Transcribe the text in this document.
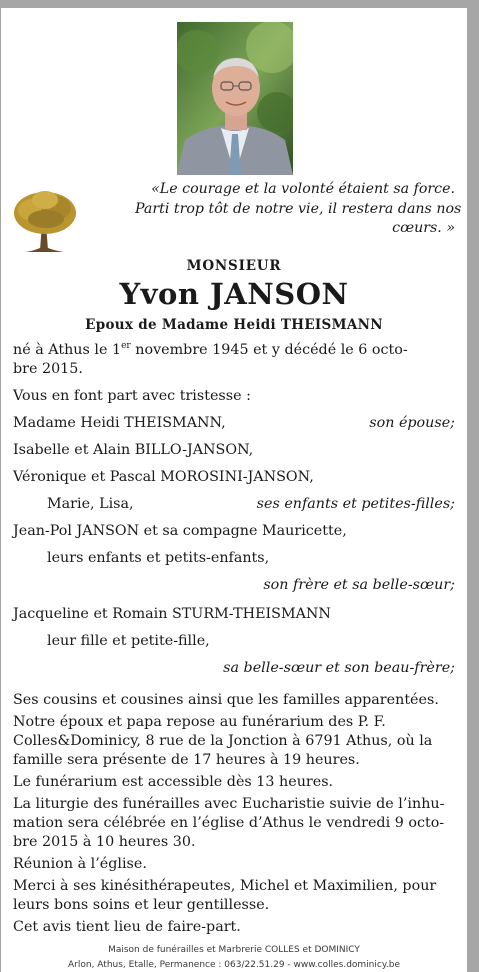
«Le courage et la volonté étaient sa force.
Parti trop tôt de notre vie, il restera dans nos
cœurs. »
MONSIEUR
Yvon JANSON
Epoux de Madame Heidi THEISMANN

né à Athus le 1er novembre 1945 et y décédé le 6 octo-

bre 2015.

Vous en font part avec tristesse :

Madame Heidi THEISMANN,	son épouse;

Isabelle et Alain BILLO-JANSON,

Véronique et Pascal MOROSINI-JANSON,

Marie, Lisa,	ses enfants et petites-filles;

Jean-Pol JANSON et sa compagne Mauricette,

leurs enfants et petits-enfants,

son frère et sa belle-sœur;

Jacqueline et Romain STURM-THEISMANN

leur fille et petite-fille,

sa belle-sœur et son beau-frère;

Ses cousins et cousines ainsi que les familles apparentées.

Notre époux et papa repose au funérarium des P. F.
Colles&Dominicy, 8 rue de la Jonction à 6791 Athus, où la
famille sera présente de 17 heures à 19 heures.

Le funérarium est accessible dès 13 heures.

La liturgie des funérailles avec Eucharistie suivie de l’inhu-
mation sera célébrée en l’église d’Athus le vendredi 9 octo-
bre 2015 à 10 heures 30.

Réunion à l’église.

Merci à ses kinésithérapeutes, Michel et Maximilien, pour
leurs bons soins et leur gentillesse.

Cet avis tient lieu de faire-part.

Maison de funérailles et Marbrerie COLLES et DOMINICY
Arlon, Athus, Etalle, Permanence : 063/22.51.29 - www.colles.dominicy.be
